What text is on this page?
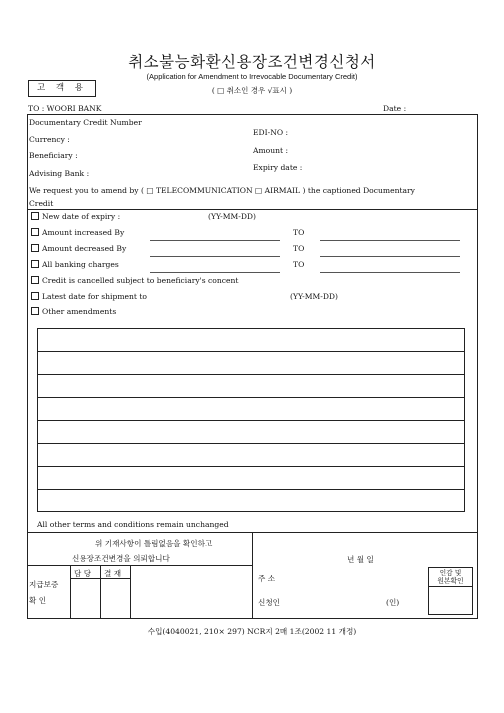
취소불능화환신용장조건변경신청서
(Application for Amendment to Irrevocable Documentary Credit)
( □ 취소인 경우 √표시 )
고 객 용
TO : WOORI BANK	Date :
Documentary Credit Number
Currency :
Beneficiary :
Advising Bank :
EDI-NO :
Amount :
Expiry date :
We request you to amend by ( □ TELECOMMUNICATION □ AIRMAIL ) the captioned Documentary
Credit
New date of expiry :	(YY-MM-DD)
Amount increased By	TO
Amount decreased By	TO
All banking charges	TO
Credit is cancelled subject to beneficiary's concent
Latest date for shipment to	(YY-MM-DD)
Other amendments
All other terms and conditions remain unchanged
위 기재사항이 틀림없음을 확인하고
신용장조건변경을 의뢰합니다	년 월 일
지급보증
확 인
담 당 결 재
주 소
신청인	(인)
인감 및
원본확인
수입(4040021, 210× 297) NCR지 2매 1조(2002 11 개정)
